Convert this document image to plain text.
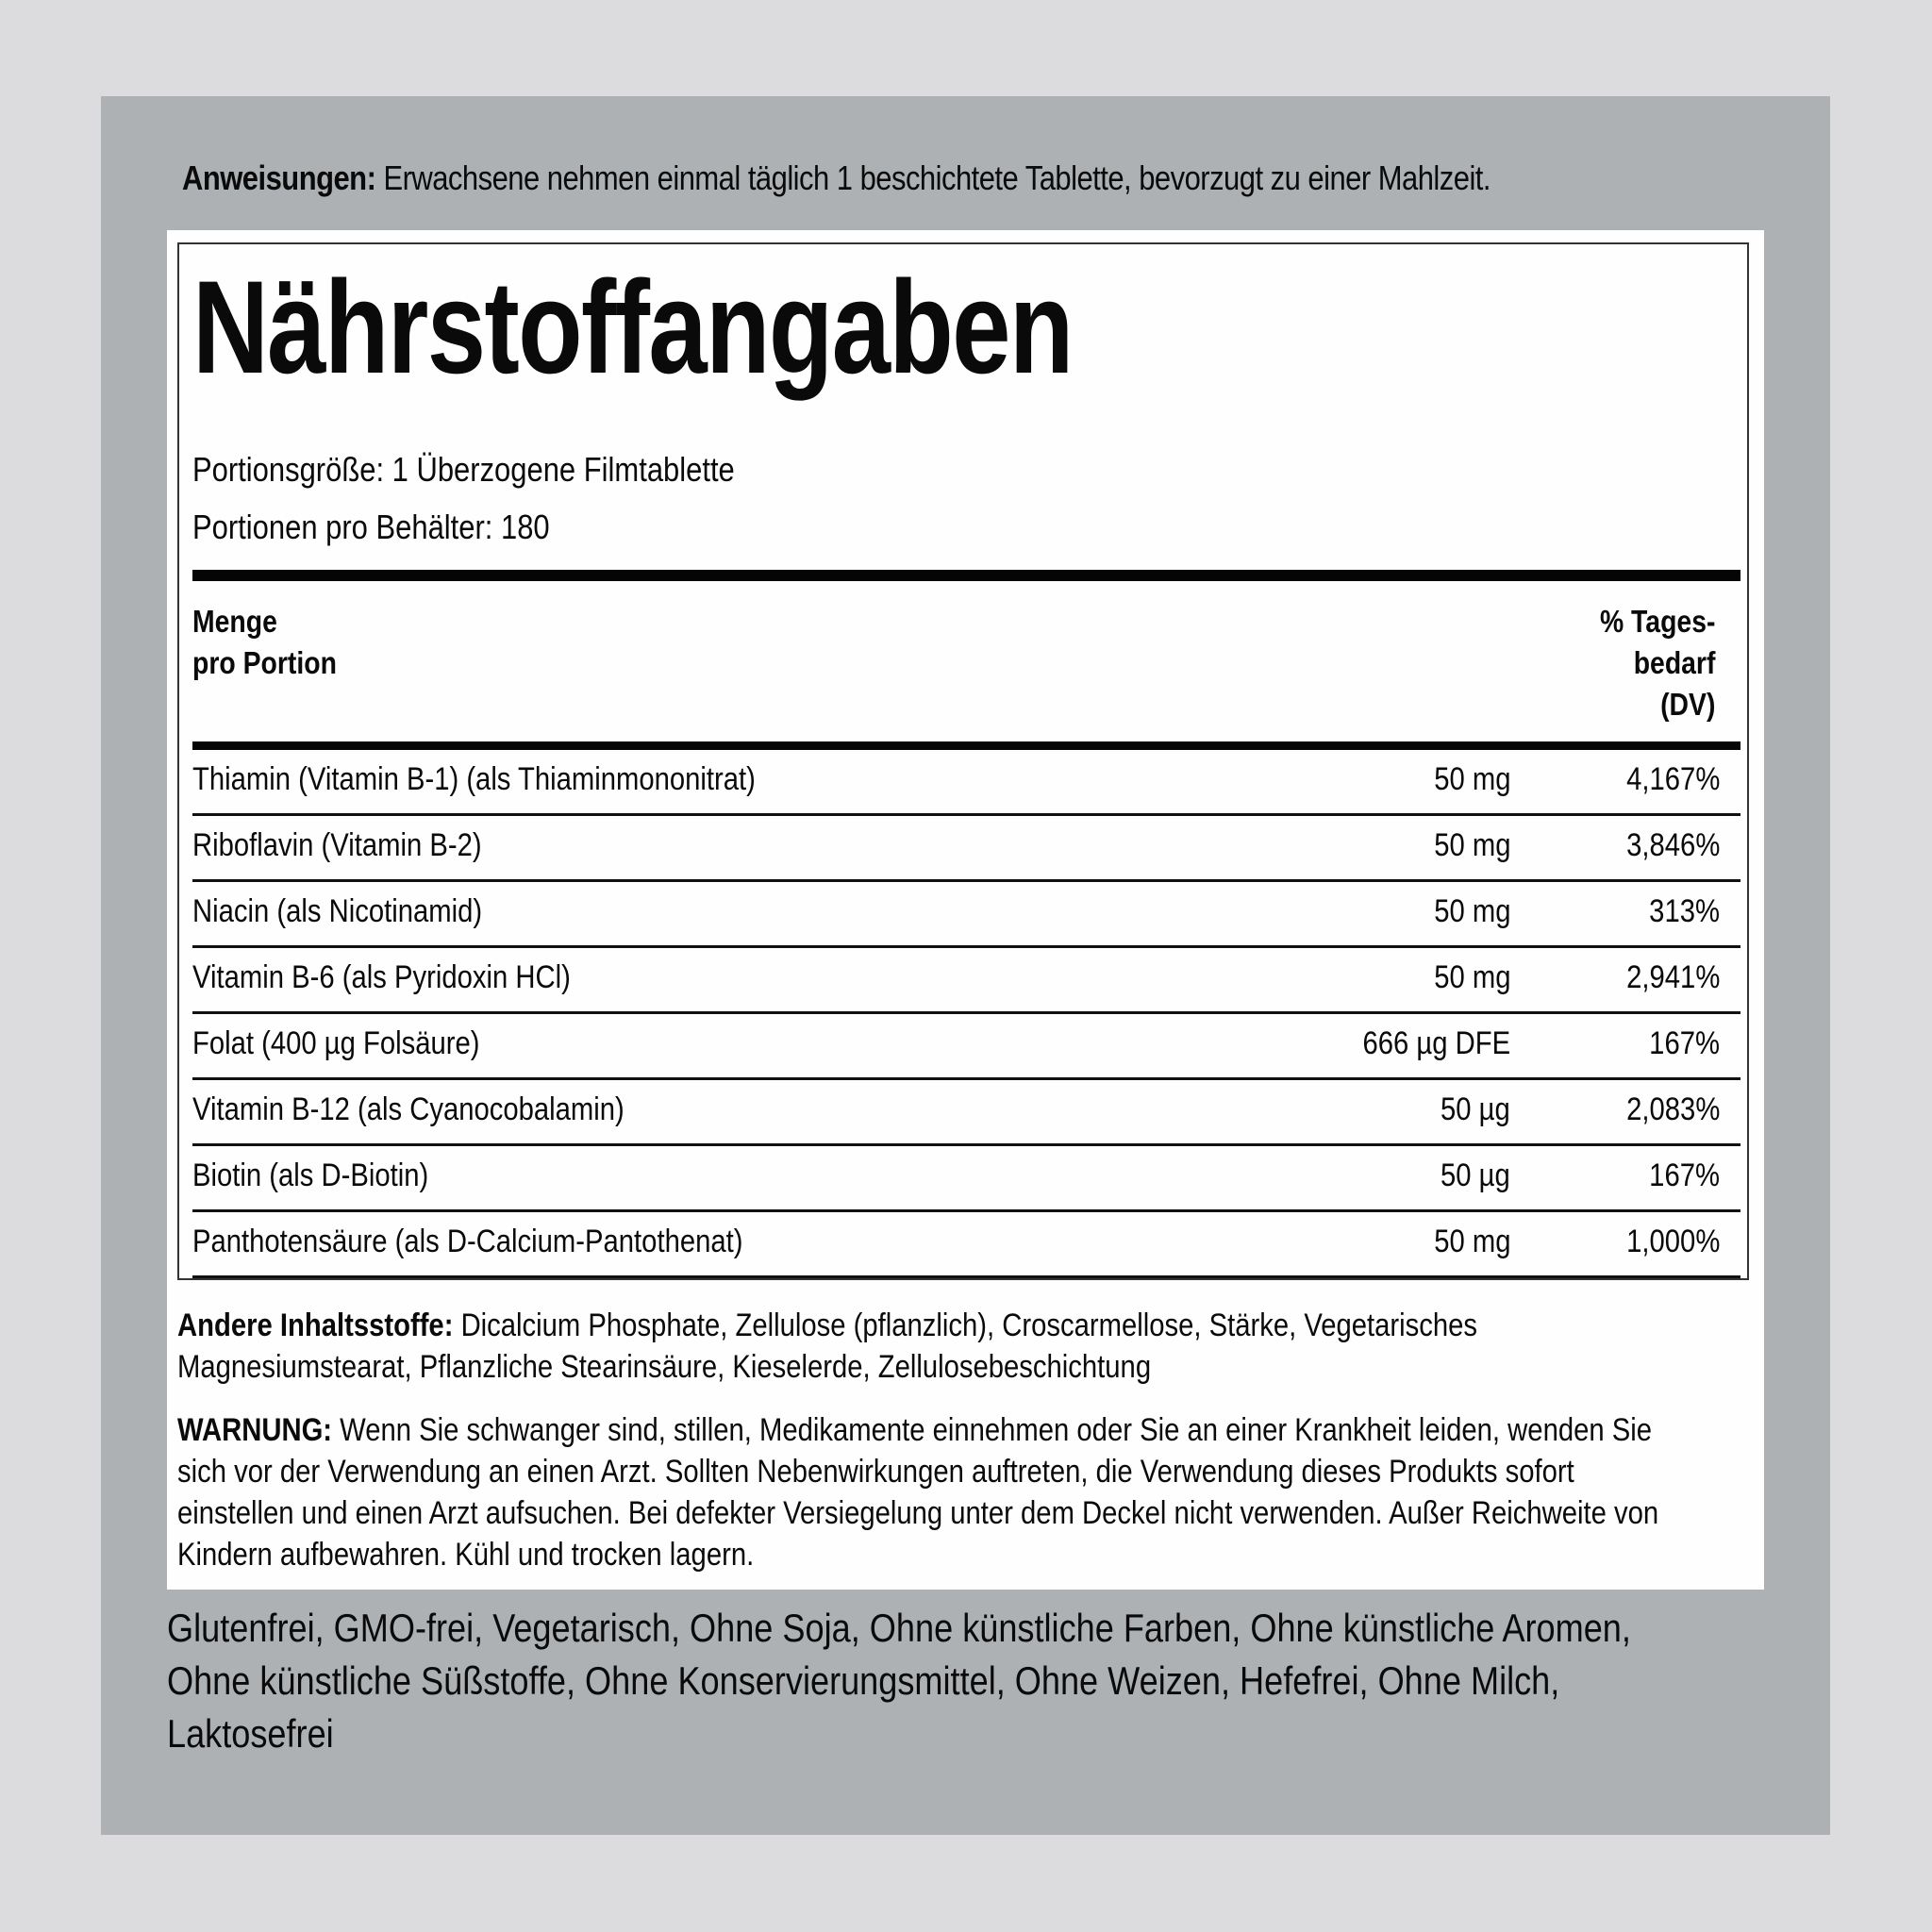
Anweisungen: Erwachsene nehmen einmal täglich 1 beschichtete Tablette, bevorzugt zu einer Mahlzeit.
Nährstoffangaben
Portionsgröße: 1 Überzogene Filmtablette
Portionen pro Behälter: 180
Menge
pro Portion
% Tages-
bedarf
(DV)
Thiamin (Vitamin B-1) (als Thiaminmononitrat)	50 mg	4,167%
Riboflavin (Vitamin B-2)	50 mg	3,846%
Niacin (als Nicotinamid)	50 mg	313%
Vitamin B-6 (als Pyridoxin HCl)	50 mg	2,941%
Folat (400 µg Folsäure)	666 µg DFE	167%
Vitamin B-12 (als Cyanocobalamin)	50 µg	2,083%
Biotin (als D-Biotin)	50 µg	167%
Panthotensäure (als D-Calcium-Pantothenat)	50 mg	1,000%
Andere Inhaltsstoffe: Dicalcium Phosphate, Zellulose (pflanzlich), Croscarmellose, Stärke, Vegetarisches Magnesiumstearat, Pflanzliche Stearinsäure, Kieselerde, Zellulosebeschichtung
WARNUNG: Wenn Sie schwanger sind, stillen, Medikamente einnehmen oder Sie an einer Krankheit leiden, wenden Sie sich vor der Verwendung an einen Arzt. Sollten Nebenwirkungen auftreten, die Verwendung dieses Produkts sofort einstellen und einen Arzt aufsuchen. Bei defekter Versiegelung unter dem Deckel nicht verwenden. Außer Reichweite von Kindern aufbewahren. Kühl und trocken lagern.
Glutenfrei, GMO-frei, Vegetarisch, Ohne Soja, Ohne künstliche Farben, Ohne künstliche Aromen, Ohne künstliche Süßstoffe, Ohne Konservierungsmittel, Ohne Weizen, Hefefrei, Ohne Milch, Laktosefrei
